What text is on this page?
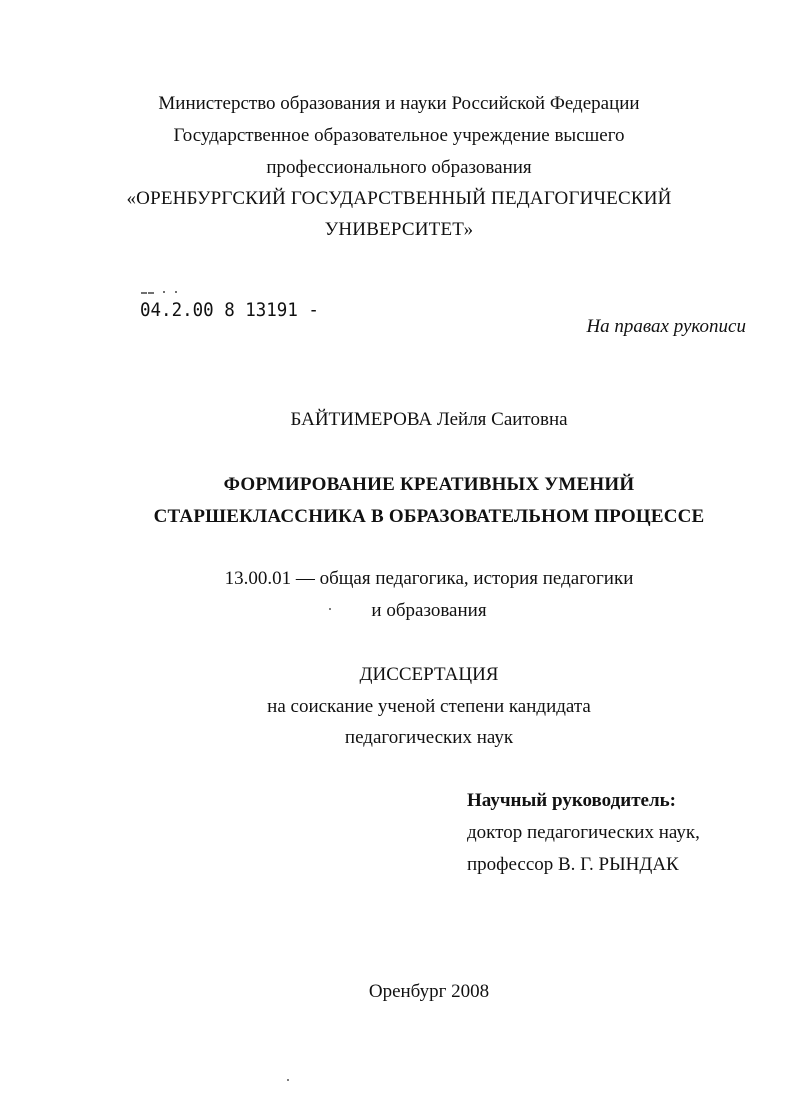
Министерство образования и науки Российской Федерации
Государственное образовательное учреждение высшего
профессионального образования
«ОРЕНБУРГСКИЙ ГОСУДАРСТВЕННЫЙ ПЕДАГОГИЧЕСКИЙ
УНИВЕРСИТЕТ»
04.2.00 8 13191 -
На правах рукописи
БАЙТИМЕРОВА Лейля Саитовна
ФОРМИРОВАНИЕ КРЕАТИВНЫХ УМЕНИЙ
СТАРШЕКЛАССНИКА В ОБРАЗОВАТЕЛЬНОМ ПРОЦЕССЕ
13.00.01 — общая педагогика, история педагогики
и образования
ДИССЕРТАЦИЯ
на соискание ученой степени кандидата
педагогических наук
Научный руководитель:
доктор педагогических наук,
профессор В. Г. РЫНДАК
Оренбург 2008
